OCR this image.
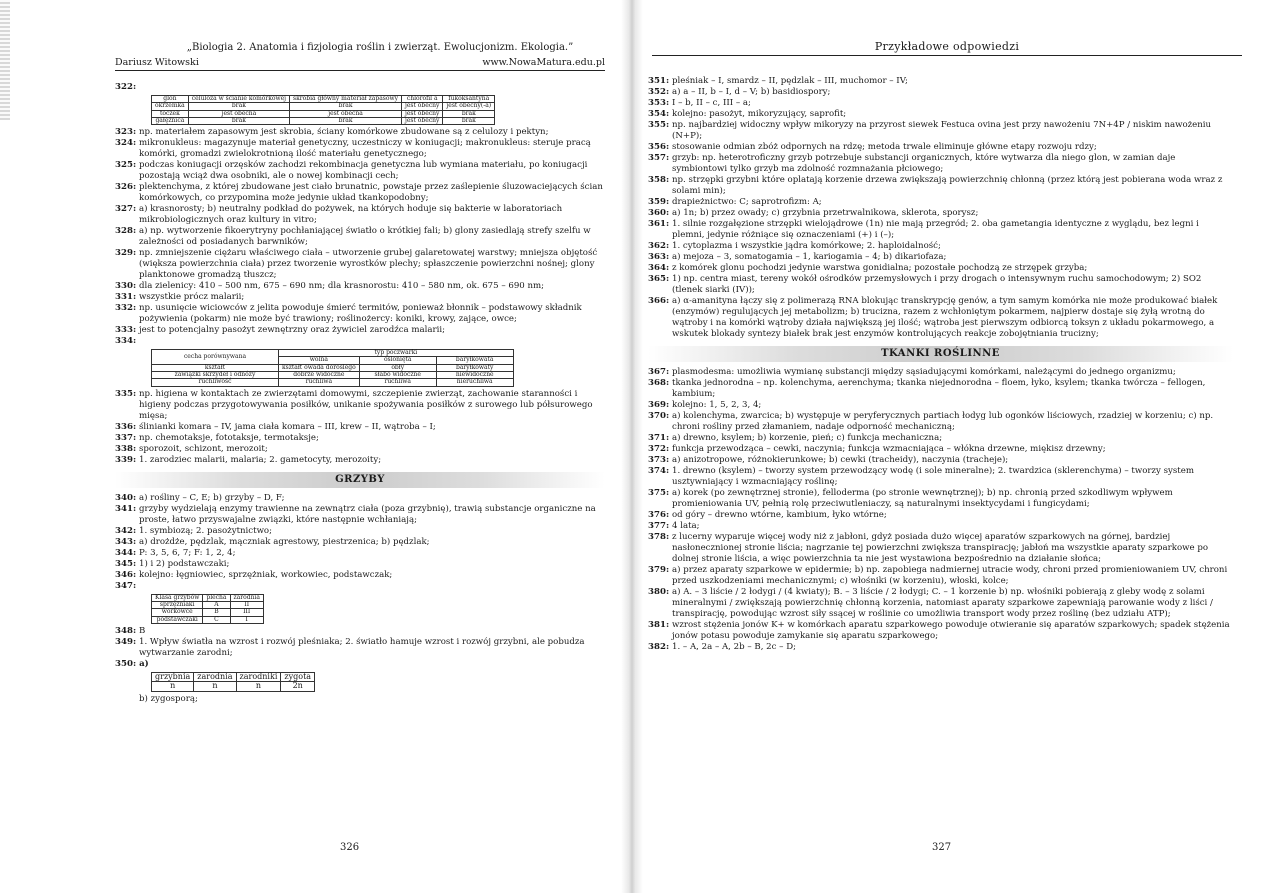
„Biologia 2. Anatomia i fizjologia roślin i zwierząt. Ewolucjonizm. Ekologia.”
Dariusz Witowski	www.NowaMatura.edu.pl
322:
glon	celuloza w ścianie komórkowej	skrobia główny materiał zapasowy	chlorofil a	fukoksantyna
okrzemka	brak	brak	jest obecny	jest obecny(-a)
toczek	jest obecna	jest obecna	jest obecny	brak
gałęźnica	brak	brak	jest obecny	brak
323: np. materiałem zapasowym jest skrobia, ściany komórkowe zbudowane są z celulozy i pektyn;
324: mikronukleus: magazynuje materiał genetyczny, uczestniczy w koniugacji; makronukleus: steruje pracą komórki, gromadzi zwielokrotnioną ilość materiału genetycznego;
325: podczas koniugacji orzęsków zachodzi rekombinacja genetyczna lub wymiana materiału, po koniugacji pozostają wciąż dwa osobniki, ale o nowej kombinacji cech;
326: plektenchyma, z której zbudowane jest ciało brunatnic, powstaje przez zaślepienie śluzowaciejących ścian komórkowych, co przypomina może jedynie układ tkankopodobny;
327: a) krasnorosty; b) neutralny podkład do pożywek, na których hoduje się bakterie w laboratoriach mikrobiologicznych oraz kultury in vitro;
328: a) np. wytworzenie fikoerytryny pochłaniającej światło o krótkiej fali; b) glony zasiedlają strefy szelfu w zależności od posiadanych barwników;
329: np. zmniejszenie ciężaru właściwego ciała – utworzenie grubej galaretowatej warstwy; mniejsza objętość (większa powierzchnia ciała) przez tworzenie wyrostków plechy; spłaszczenie powierzchni nośnej; glony planktonowe gromadzą tłuszcz;
330: dla zielenicy: 410 – 500 nm, 675 – 690 nm; dla krasnorostu: 410 – 580 nm, ok. 675 – 690 nm;
331: wszystkie prócz malarii;
332: np. usunięcie wiciowców z jelita powoduje śmierć termitów, ponieważ błonnik – podstawowy składnik pożywienia (pokarm) nie może być trawiony; roślinożercy: koniki, krowy, zające, owce;
333: jest to potencjalny pasożyt zewnętrzny oraz żywiciel zarodźca malarii;
334:
cecha porównywana	typ poczwarki		
	wolna	oslonięta	baryłkowata
kształt	kształt owada doroslego	obły	baryłkowaty
zawiązki skrzydeł i odnóży	dobrze widoczne	słabo widoczne	niewidoczne
ruchliwość	ruchliwa	ruchliwa	nieruchliwa
335: np. higiena w kontaktach ze zwierzętami domowymi, szczepienie zwierząt, zachowanie staranności i higieny podczas przygotowywania posiłków, unikanie spożywania posiłków z surowego lub półsurowego mięsa;
336: ślinianki komara – IV, jama ciała komara – III, krew – II, wątroba – I;
337: np. chemotaksje, fototaksje, termotaksje;
338: sporozoit, schizont, merozoit;
339: 1. zarodziec malarii, malaria; 2. gametocyty, merozoity;
GRZYBY
340: a) rośliny – C, E; b) grzyby – D, F;
341: grzyby wydzielają enzymy trawienne na zewnątrz ciała (poza grzybnię), trawią substancje organiczne na proste, łatwo przyswajalne związki, które następnie wchłaniają;
342: 1. symbiozą; 2. pasożytnictwo;
343: a) drożdże, pędzlak, mączniak agrestowy, piestrzenica; b) pędzlak;
344: P: 3, 5, 6, 7; F: 1, 2, 4;
345: 1) i 2) podstawczaki;
346: kolejno: łęgniowiec, sprzężniak, workowiec, podstawczak;
347:
Klasa grzybów	plecha	zarodnia
sprzężniaki	A	II
workowce	B	III
podstawczaki	C	I
348: B
349: 1. Wpływ światła na wzrost i rozwój pleśniaka; 2. światło hamuje wzrost i rozwój grzybni, ale pobudza wytwarzanie zarodni;
350: a)
grzybnia	zarodnia	zarodniki	zygota
n	n	n	2n
b) zygosporą;
326
Przykładowe odpowiedzi
351: pleśniak – I, smardz – II, pędzlak – III, muchomor – IV;
352: a) a – II, b – I, d – V; b) basidiospory;
353: I – b, II – c, III – a;
354: kolejno: pasożyt, mikoryzujący, saprofit;
355: np. najbardziej widoczny wpływ mikoryzy na przyrost siewek Festuca ovina jest przy nawożeniu 7N+4P / niskim nawożeniu (N+P);
356: stosowanie odmian zbóż odpornych na rdzę; metoda trwale eliminuje główne etapy rozwoju rdzy;
357: grzyb: np. heterotroficzny grzyb potrzebuje substancji organicznych, które wytwarza dla niego glon, w zamian daje symbiontowi tylko grzyb ma zdolność rozmnażania płciowego;
358: np. strzępki grzybni które oplatają korzenie drzewa zwiększają powierzchnię chłonną (przez którą jest pobierana woda wraz z solami min);
359: drapieżnictwo: C; saprotrofizm: A;
360: a) 1n; b) przez owady; c) grzybnia przetrwalnikowa, sklerota, sporysz;
361: 1. silnie rozgałęzione strzępki wielojądrowe (1n) nie mają przegród; 2. oba gametangia identyczne z wyglądu, bez legni i plemni, jedynie różniące się oznaczeniami (+) i (–);
362: 1. cytoplazma i wszystkie jądra komórkowe; 2. haploidalność;
363: a) mejoza – 3, somatogamia – 1, kariogamia – 4; b) dikariofaza;
364: z komórek glonu pochodzi jedynie warstwa gonidialna; pozostałe pochodzą ze strzępek grzyba;
365: 1) np. centra miast, tereny wokół ośrodków przemysłowych i przy drogach o intensywnym ruchu samochodowym; 2) SO2 (tlenek siarki (IV));
366: a) α-amanityna łączy się z polimerazą RNA blokując transkrypcję genów, a tym samym komórka nie może produkować białek (enzymów) regulujących jej metabolizm; b) trucizna, razem z wchłoniętym pokarmem, najpierw dostaje się żyłą wrotną do wątroby i na komórki wątroby działa największą jej ilość; wątroba jest pierwszym odbiorcą toksyn z układu pokarmowego, a wskutek blokady syntezy białek brak jest enzymów kontrolujących reakcje zobojętniania trucizny;
TKANKI ROŚLINNE
367: plasmodesma: umożliwia wymianę substancji między sąsiadującymi komórkami, należącymi do jednego organizmu;
368: tkanka jednorodna – np. kolenchyma, aerenchyma; tkanka niejednorodna – floem, łyko, ksylem; tkanka twórcza – fellogen, kambium;
369: kolejno: 1, 5, 2, 3, 4;
370: a) kolenchyma, zwarcica; b) występuje w peryferycznych partiach łodyg lub ogonków liściowych, rzadziej w korzeniu; c) np. chroni rośliny przed złamaniem, nadaje odporność mechaniczną;
371: a) drewno, ksylem; b) korzenie, pień; c) funkcja mechaniczna;
372: funkcja przewodząca – cewki, naczynia; funkcja wzmacniająca – włókna drzewne, miękisz drzewny;
373: a) anizotropowe, różnokierunkowe; b) cewki (tracheidy), naczynia (tracheje);
374: 1. drewno (ksylem) – tworzy system przewodzący wodę (i sole mineralne); 2. twardzica (sklerenchyma) – tworzy system usztywniający i wzmacniający roślinę;
375: a) korek (po zewnętrznej stronie), felloderma (po stronie wewnętrznej); b) np. chronią przed szkodliwym wpływem promieniowania UV, pełnią rolę przeciwutleniaczy, są naturalnymi insektycydami i fungicydami;
376: od góry – drewno wtórne, kambium, łyko wtórne;
377: 4 lata;
378: z lucerny wyparuje więcej wody niż z jabłoni, gdyż posiada dużo więcej aparatów szparkowych na górnej, bardziej nasłonecznionej stronie liścia; nagrzanie tej powierzchni zwiększa transpirację; jabłoń ma wszystkie aparaty szparkowe po dolnej stronie liścia, a więc powierzchnia ta nie jest wystawiona bezpośrednio na działanie słońca;
379: a) przez aparaty szparkowe w epidermie; b) np. zapobiega nadmiernej utracie wody, chroni przed promieniowaniem UV, chroni przed uszkodzeniami mechanicznymi; c) włośniki (w korzeniu), włoski, kolce;
380: a) A. – 3 liście / 2 łodygi / (4 kwiaty); B. – 3 liście / 2 łodygi; C. – 1 korzenie b) np. włośniki pobierają z gleby wodę z solami mineralnymi / zwiększają powierzchnię chłonną korzenia, natomiast aparaty szparkowe zapewniają parowanie wody z liści / transpirację, powodując wzrost siły ssącej w roślinie co umożliwia transport wody przez roślinę (bez udziału ATP);
381: wzrost stężenia jonów K+ w komórkach aparatu szparkowego powoduje otwieranie się aparatów szparkowych; spadek stężenia jonów potasu powoduje zamykanie się aparatu szparkowego;
382: 1. – A, 2a – A, 2b – B, 2c – D;
327
